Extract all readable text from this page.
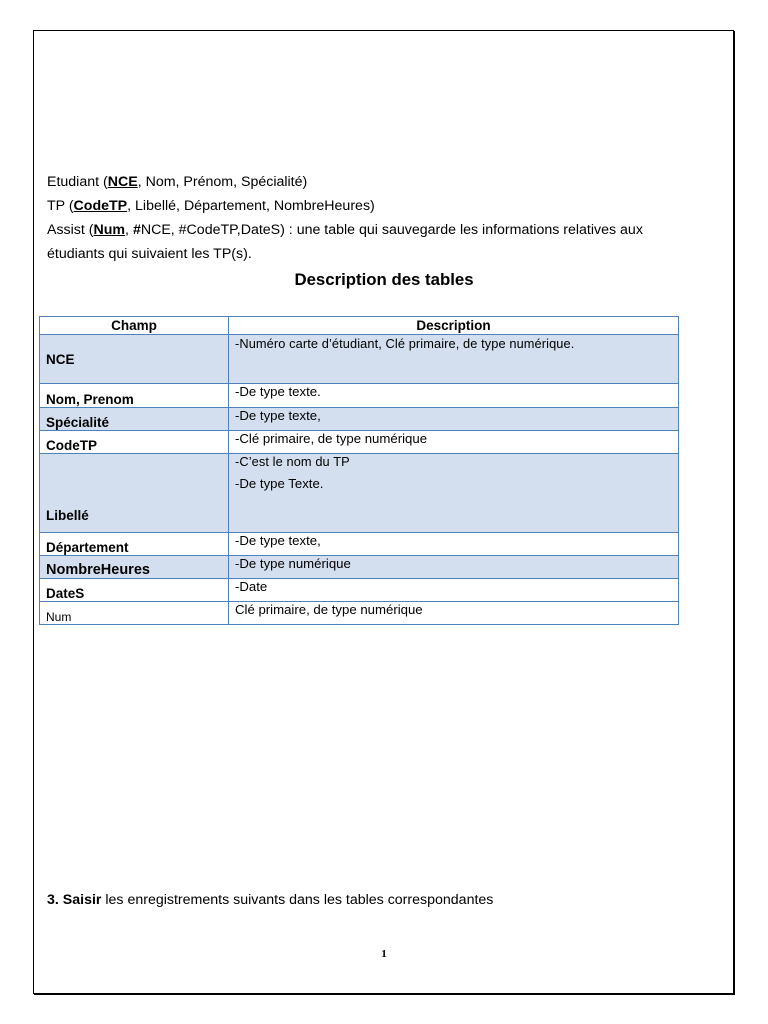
Etudiant (NCE, Nom, Prénom, Spécialité)
TP (CodeTP, Libellé, Département, NombreHeures)
Assist (Num, #NCE, #CodeTP,DateS) : une table qui sauvegarde les informations relatives aux
étudiants qui suivaient les TP(s).
Description des tables
Champ	Description
NCE	-Numéro carte d’étudiant, Clé primaire, de type numérique.
Nom, Prenom	-De type texte.
Spécialité	-De type texte,
CodeTP	-Clé primaire, de type numérique
Libellé	-C’est le nom du TP
-De type Texte.

Département	-De type texte,
NombreHeures	-De type numérique
DateS	-Date
Num	Clé primaire, de type numérique
3. Saisir les enregistrements suivants dans les tables correspondantes
1
